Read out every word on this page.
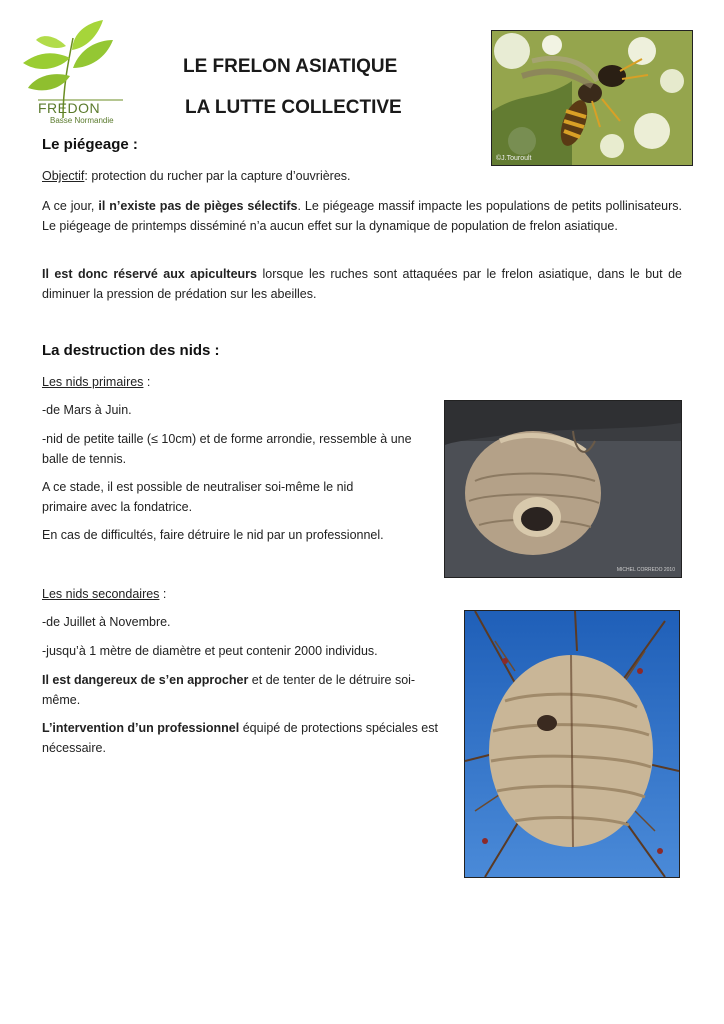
FREDON
Basse Normandie
LE FRELON ASIATIQUE
LA LUTTE COLLECTIVE
©J.Touroult
Le piégeage :
Objectif: protection du rucher par la capture d’ouvrières.
A ce jour, il n’existe pas de pièges sélectifs. Le piégeage massif impacte les populations de petits pollinisateurs. Le piégeage de printemps disséminé n’a aucun effet sur la dynamique de population de frelon asiatique.
Il est donc réservé aux apiculteurs lorsque les ruches sont attaquées par le frelon asiatique, dans le but de diminuer la pression de prédation sur les abeilles.
La destruction des nids :
Les nids primaires :
-de Mars à Juin.
-nid de petite taille (≤ 10cm) et de forme arrondie, ressemble à une balle de tennis.
A ce stade, il est possible de neutraliser soi-même le nid primaire avec la fondatrice.
En cas de difficultés, faire détruire le nid par un professionnel.
MICHEL CORREDO 2010
Les nids secondaires :
-de Juillet à Novembre.
-jusqu’à 1 mètre de diamètre et peut contenir 2000 individus.
Il est dangereux de s’en approcher et de tenter de le détruire soi-même.
L’intervention d’un professionnel équipé de protections spéciales est nécessaire.
